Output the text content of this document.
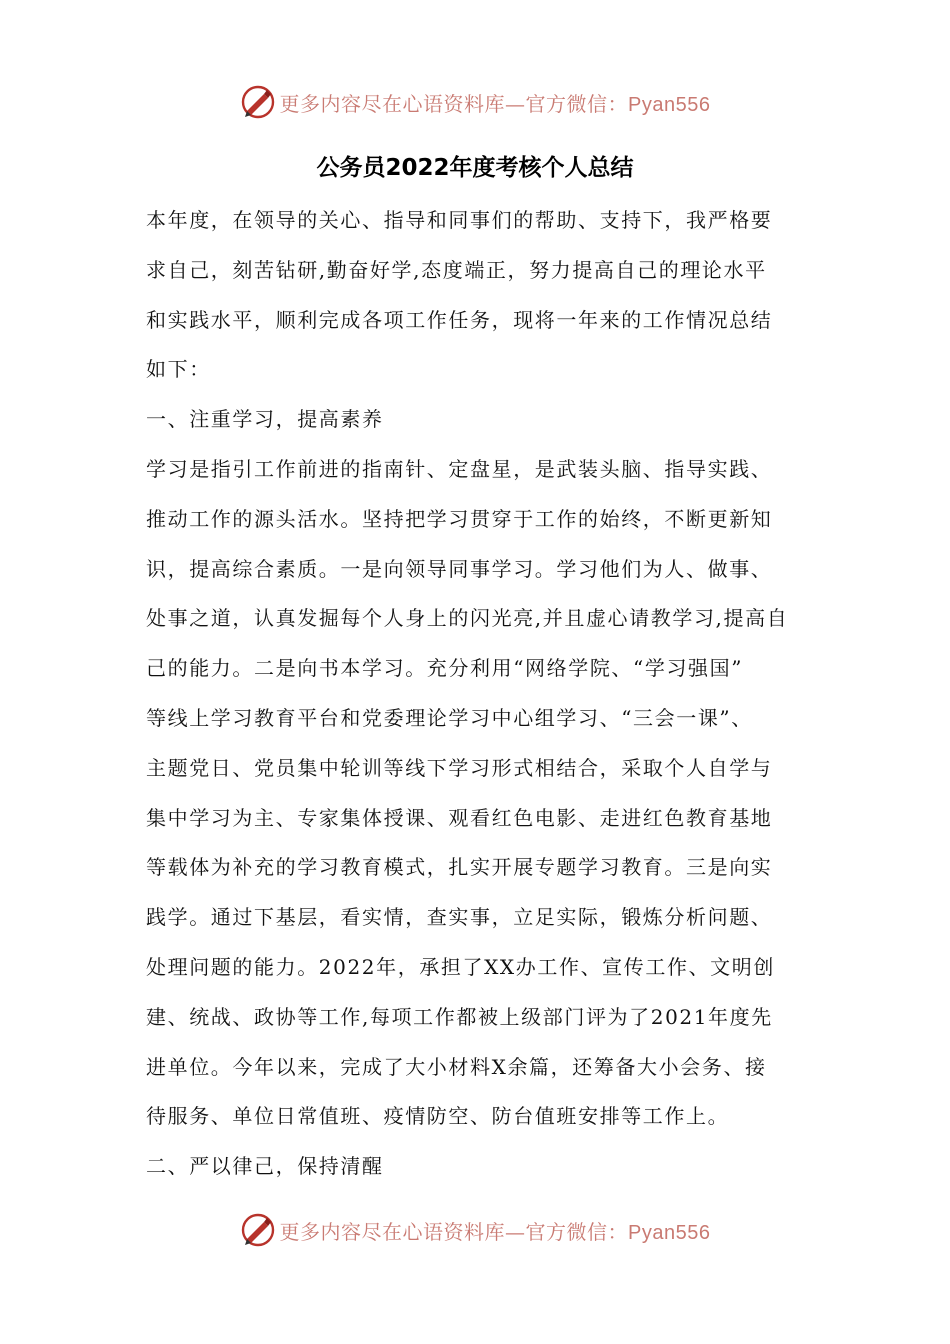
更多内容尽在心语资料库—官方微信：Pyan556
公务员2022年度考核个人总结
本年度，在领导的关心、指导和同事们的帮助、支持下，我严格要
求自己，刻苦钻研,勤奋好学,态度端正，努力提高自己的理论水平
和实践水平，顺利完成各项工作任务，现将一年来的工作情况总结
如下：
一、注重学习，提高素养
学习是指引工作前进的指南针、定盘星，是武装头脑、指导实践、
推动工作的源头活水。坚持把学习贯穿于工作的始终，不断更新知
识，提高综合素质。一是向领导同事学习。学习他们为人、做事、
处事之道，认真发掘每个人身上的闪光亮,并且虚心请教学习,提高自
己的能力。二是向书本学习。充分利用“网络学院、“学习强国”
等线上学习教育平台和党委理论学习中心组学习、“三会一课”、
主题党日、党员集中轮训等线下学习形式相结合，采取个人自学与
集中学习为主、专家集体授课、观看红色电影、走进红色教育基地
等载体为补充的学习教育模式，扎实开展专题学习教育。三是向实
践学。通过下基层，看实情，查实事，立足实际，锻炼分析问题、
处理问题的能力。2022年，承担了XX办工作、宣传工作、文明创
建、统战、政协等工作,每项工作都被上级部门评为了2021年度先
进单位。今年以来，完成了大小材料X余篇，还筹备大小会务、接
待服务、单位日常值班、疫情防空、防台值班安排等工作上。
二、严以律己，保持清醒
更多内容尽在心语资料库—官方微信：Pyan556
